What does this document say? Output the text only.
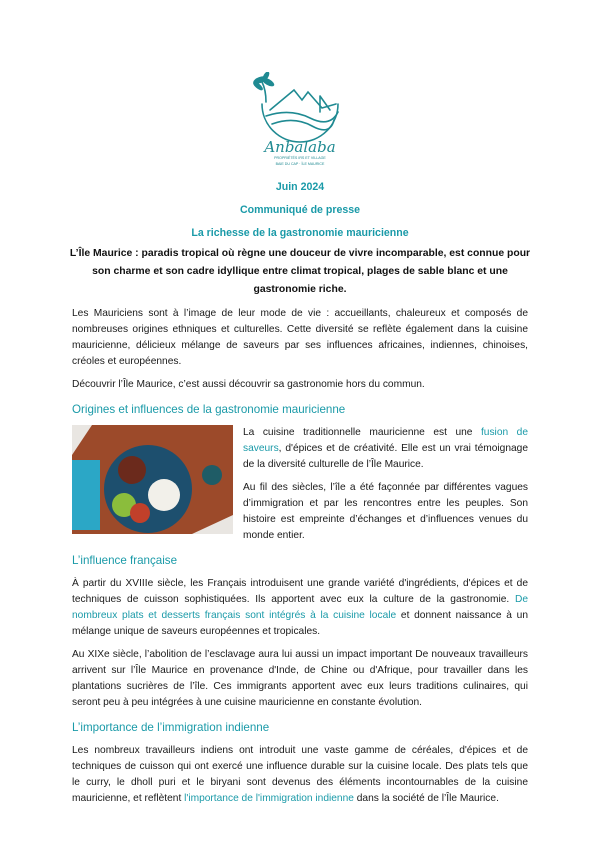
Anbalaba
PROPRIÉTÉS IRS ET VILLAGE
BAIE DU CAP · ÎLE MAURICE

Juin 2024

Communiqué de presse

La richesse de la gastronomie mauricienne

L’Île Maurice : paradis tropical où règne une douceur de vivre incomparable, est connue pour son charme et son cadre idyllique entre climat tropical, plages de sable blanc et une gastronomie riche.

Les Mauriciens sont à l’image de leur mode de vie : accueillants, chaleureux et composés de nombreuses origines ethniques et culturelles. Cette diversité se reflète également dans la cuisine mauricienne, délicieux mélange de saveurs par ses influences africaines, indiennes, chinoises, créoles et européennes.

Découvrir l’Île Maurice, c’est aussi découvrir sa gastronomie hors du commun.

Origines et influences de la gastronomie mauricienne

La cuisine traditionnelle mauricienne est une fusion de saveurs, d'épices et de créativité. Elle est un vrai témoignage de la diversité culturelle de l’Île Maurice.

Au fil des siècles, l’île a été façonnée par différentes vagues d’immigration et par les rencontres entre les peuples. Son histoire est empreinte d’échanges et d’influences venues du monde entier.

L’influence française

À partir du XVIIIe siècle, les Français introduisent une grande variété d'ingrédients, d'épices et de techniques de cuisson sophistiquées. Ils apportent avec eux la culture de la gastronomie. De nombreux plats et desserts français sont intégrés à la cuisine locale et donnent naissance à un mélange unique de saveurs européennes et tropicales.

Au XIXe siècle, l’abolition de l’esclavage aura lui aussi un impact important De nouveaux travailleurs arrivent sur l’Île Maurice en provenance d'Inde, de Chine ou d'Afrique, pour travailler dans les plantations sucrières de l’île. Ces immigrants apportent avec eux leurs traditions culinaires, qui seront peu à peu intégrées à une cuisine mauricienne en constante évolution.

L’importance de l’immigration indienne

Les nombreux travailleurs indiens ont introduit une vaste gamme de céréales, d'épices et de techniques de cuisson qui ont exercé une influence durable sur la cuisine locale. Des plats tels que le curry, le dholl puri et le biryani sont devenus des éléments incontournables de la cuisine mauricienne, et reflètent l'importance de l'immigration indienne dans la société de l’Île Maurice.
